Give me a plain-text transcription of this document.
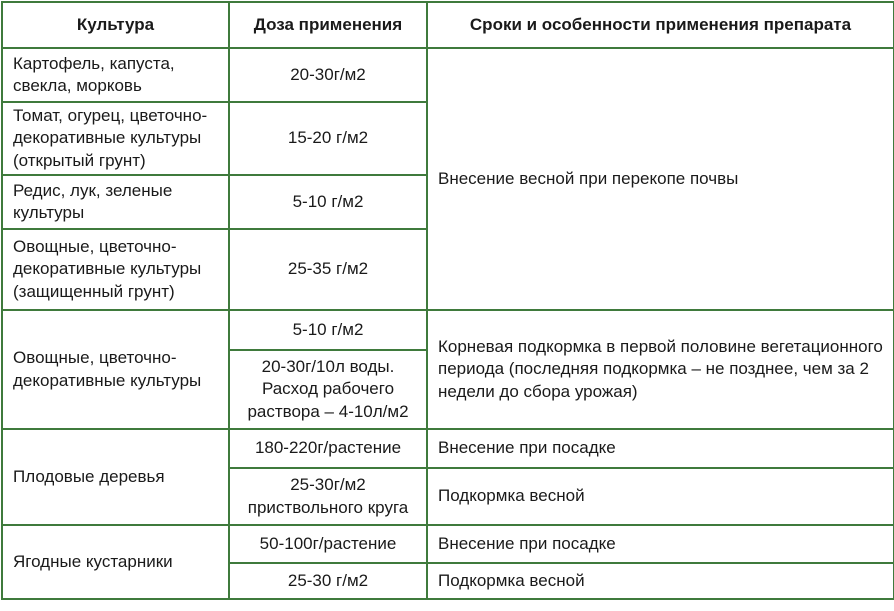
Культура	Доза применения	Сроки и особенности применения препарата
Картофель, капуста,
свекла, морковь	20-30г/м2	Внесение весной при перекопе почвы
Томат, огурец, цветочно-
декоративные культуры
(открытый грунт)	15-20 г/м2	
Редис, лук, зеленые
культуры	5-10 г/м2	
Овощные, цветочно-
декоративные культуры
(защищенный грунт)	25-35 г/м2	
Овощные, цветочно-
декоративные культуры	5-10 г/м2	Корневая подкормка в первой половине вегетационного
периода (последняя подкормка – не позднее, чем за 2
недели до сбора урожая)
	20-30г/10л воды.
Расход рабочего
раствора – 4-10л/м2	
Плодовые деревья	180-220г/растение	Внесение при посадке
	25-30г/м2
приствольного круга	Подкормка весной
Ягодные кустарники	50-100г/растение	Внесение при посадке
	25-30 г/м2	Подкормка весной
